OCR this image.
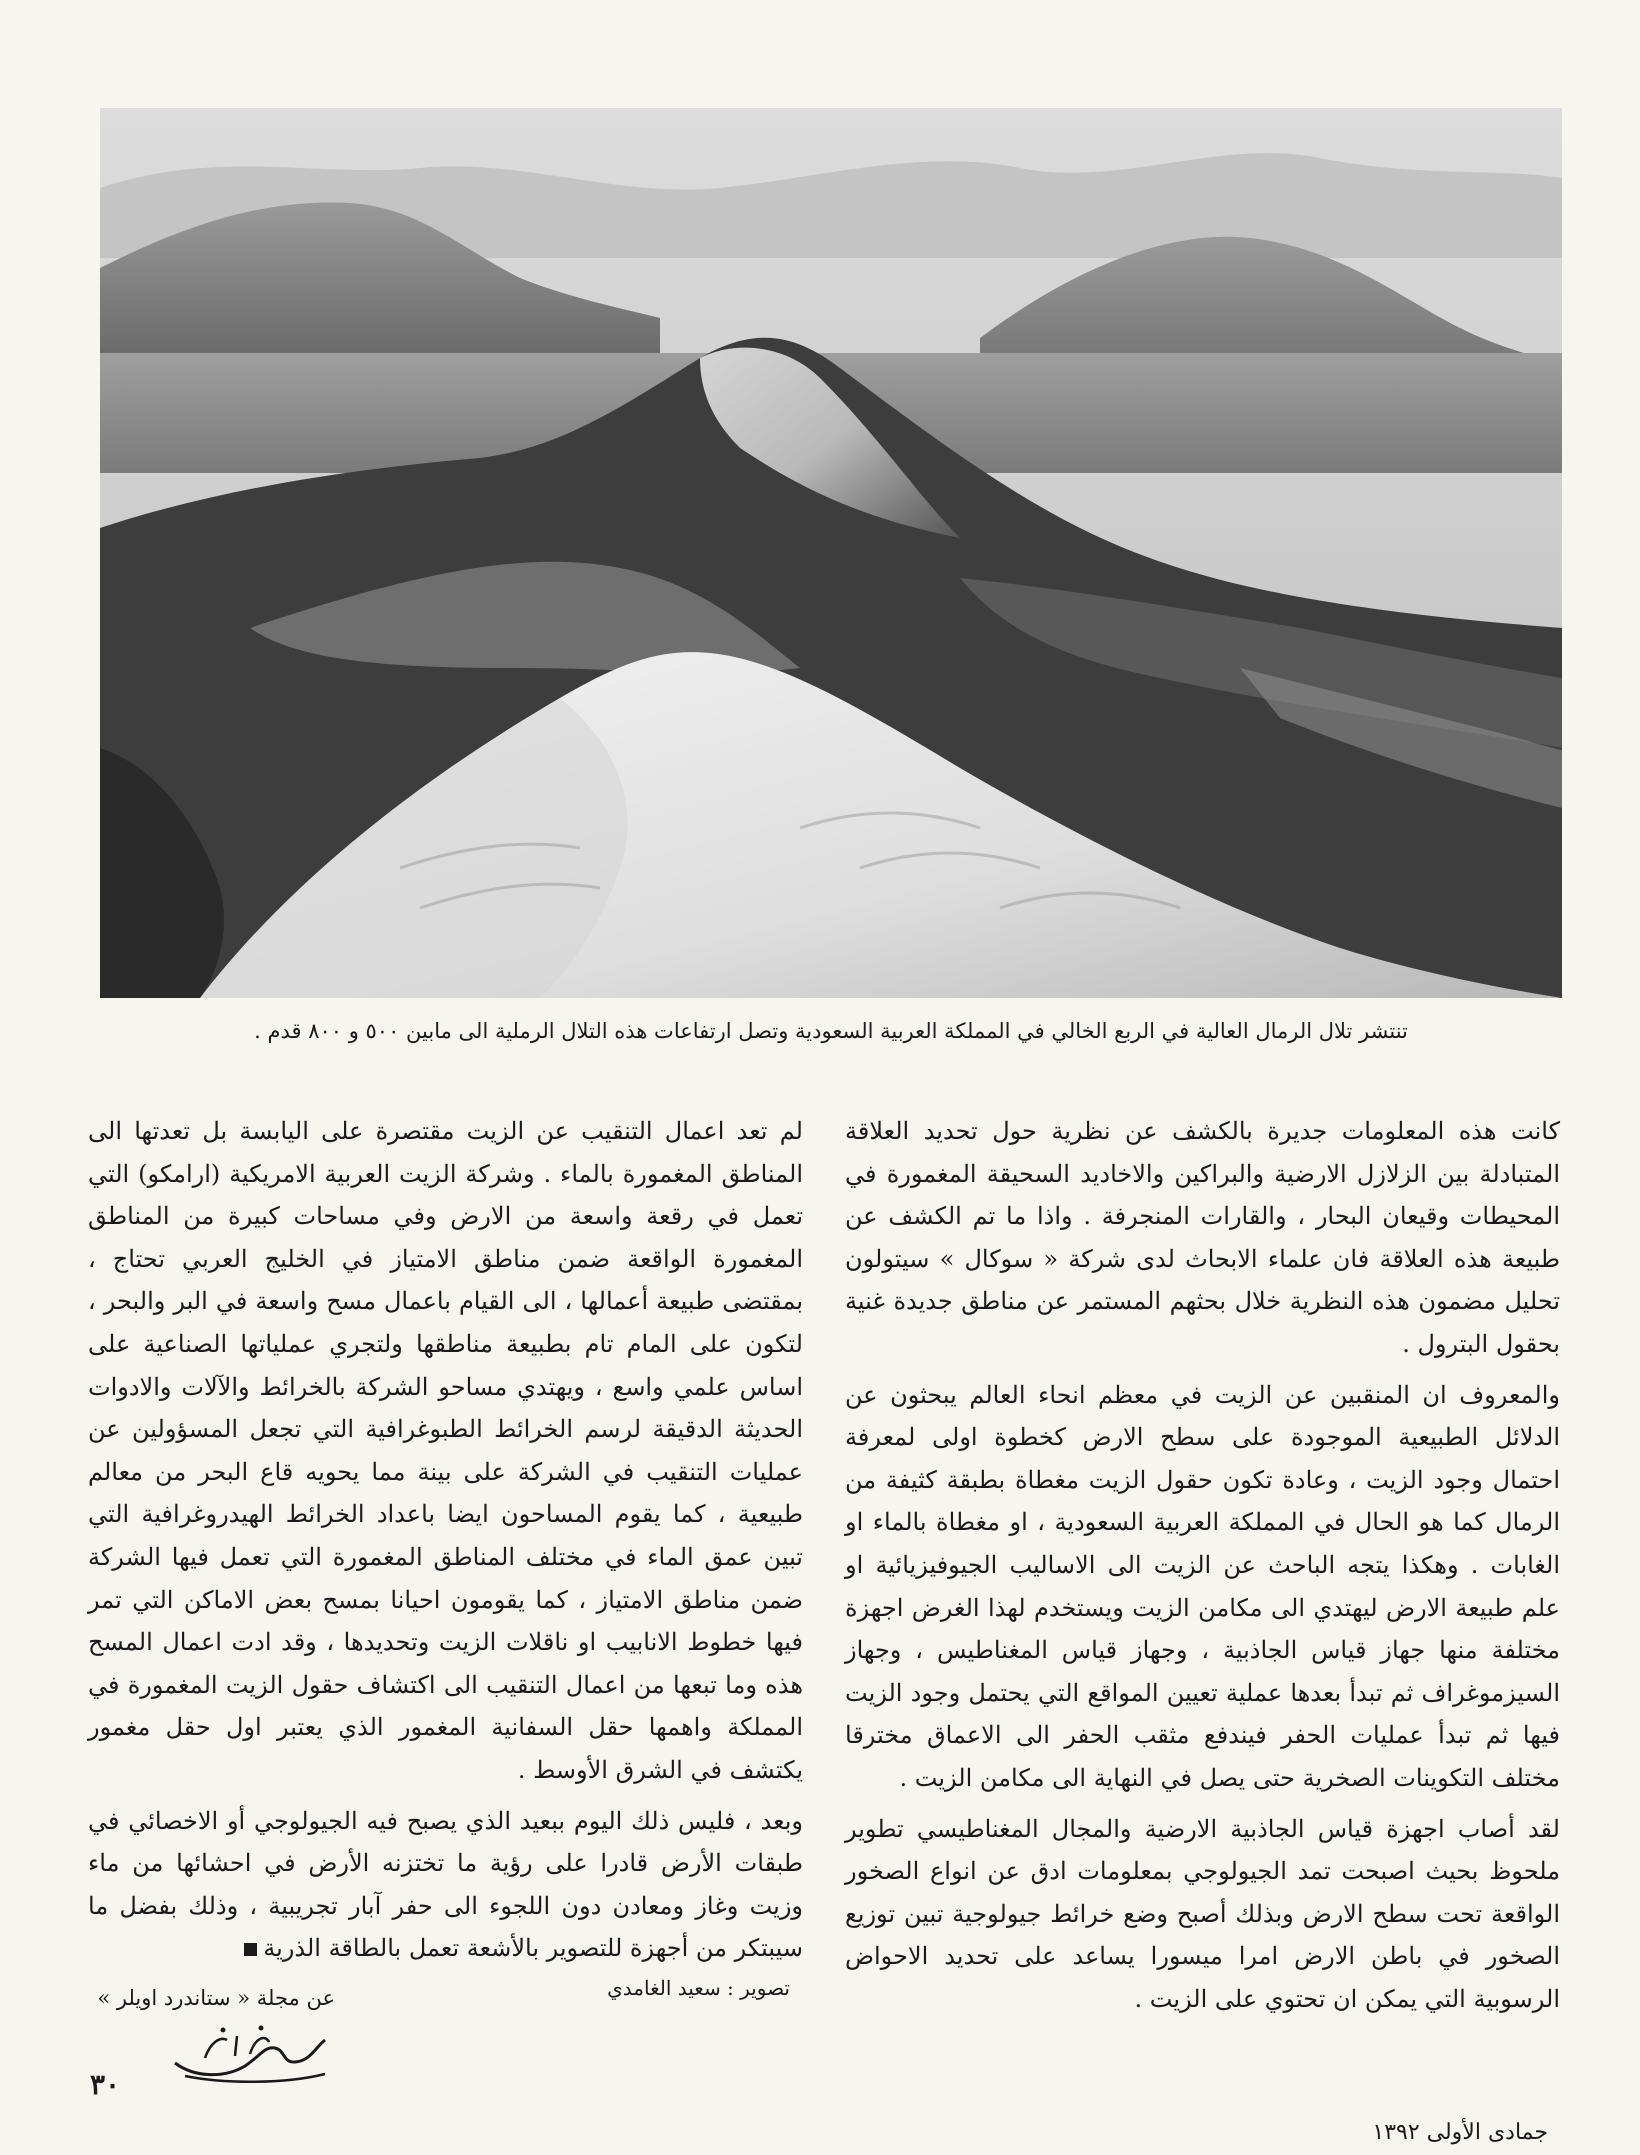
تنتشر تلال الرمال العالية في الربع الخالي في المملكة العربية السعودية وتصل ارتفاعات هذه التلال الرملية الى مابين ٥٠٠ و ٨٠٠ قدم .

كانت هذه المعلومات جديرة بالكشف عن نظرية حول تحديد العلاقة المتبادلة بين الزلازل الارضية والبراكين والاخاديد السحيقة المغمورة في المحيطات وقيعان البحار ، والقارات المنجرفة . واذا ما تم الكشف عن طبيعة هذه العلاقة فان علماء الابحاث لدى شركة « سوكال » سيتولون تحليل مضمون هذه النظرية خلال بحثهم المستمر عن مناطق جديدة غنية بحقول البترول .

والمعروف ان المنقبين عن الزيت في معظم انحاء العالم يبحثون عن الدلائل الطبيعية الموجودة على سطح الارض كخطوة اولى لمعرفة احتمال وجود الزيت ، وعادة تكون حقول الزيت مغطاة بطبقة كثيفة من الرمال كما هو الحال في المملكة العربية السعودية ، او مغطاة بالماء او الغابات . وهكذا يتجه الباحث عن الزيت الى الاساليب الجيوفيزيائية او علم طبيعة الارض ليهتدي الى مكامن الزيت ويستخدم لهذا الغرض اجهزة مختلفة منها جهاز قياس الجاذبية ، وجهاز قياس المغناطيس ، وجهاز السيزموغراف ثم تبدأ بعدها عملية تعيين المواقع التي يحتمل وجود الزيت فيها ثم تبدأ عمليات الحفر فيندفع مثقب الحفر الى الاعماق مخترقا مختلف التكوينات الصخرية حتى يصل في النهاية الى مكامن الزيت .

لقد أصاب اجهزة قياس الجاذبية الارضية والمجال المغناطيسي تطوير ملحوظ بحيث اصبحت تمد الجيولوجي بمعلومات ادق عن انواع الصخور الواقعة تحت سطح الارض وبذلك أصبح وضع خرائط جيولوجية تبين توزيع الصخور في باطن الارض امرا ميسورا يساعد على تحديد الاحواض الرسوبية التي يمكن ان تحتوي على الزيت .

لم تعد اعمال التنقيب عن الزيت مقتصرة على اليابسة بل تعدتها الى المناطق المغمورة بالماء . وشركة الزيت العربية الامريكية (ارامكو) التي تعمل في رقعة واسعة من الارض وفي مساحات كبيرة من المناطق المغمورة الواقعة ضمن مناطق الامتياز في الخليج العربي تحتاج ، بمقتضى طبيعة أعمالها ، الى القيام باعمال مسح واسعة في البر والبحر ، لتكون على المام تام بطبيعة مناطقها ولتجري عملياتها الصناعية على اساس علمي واسع ، ويهتدي مساحو الشركة بالخرائط والآلات والادوات الحديثة الدقيقة لرسم الخرائط الطبوغرافية التي تجعل المسؤولين عن عمليات التنقيب في الشركة على بينة مما يحويه قاع البحر من معالم طبيعية ، كما يقوم المساحون ايضا باعداد الخرائط الهيدروغرافية التي تبين عمق الماء في مختلف المناطق المغمورة التي تعمل فيها الشركة ضمن مناطق الامتياز ، كما يقومون احيانا بمسح بعض الاماكن التي تمر فيها خطوط الانابيب او ناقلات الزيت وتحديدها ، وقد ادت اعمال المسح هذه وما تبعها من اعمال التنقيب الى اكتشاف حقول الزيت المغمورة في المملكة واهمها حقل السفانية المغمور الذي يعتبر اول حقل مغمور يكتشف في الشرق الأوسط .

وبعد ، فليس ذلك اليوم ببعيد الذي يصبح فيه الجيولوجي أو الاخصائي في طبقات الأرض قادرا على رؤية ما تختزنه الأرض في احشائها من ماء وزيت وغاز ومعادن دون اللجوء الى حفر آبار تجريبية ، وذلك بفضل ما سيبتكر من أجهزة للتصوير بالأشعة تعمل بالطاقة الذرية

عن مجلة « ستاندرد اويلر »	تصوير : سعيد الغامدي
٣٠
جمادى الأولى ١٣٩٢
